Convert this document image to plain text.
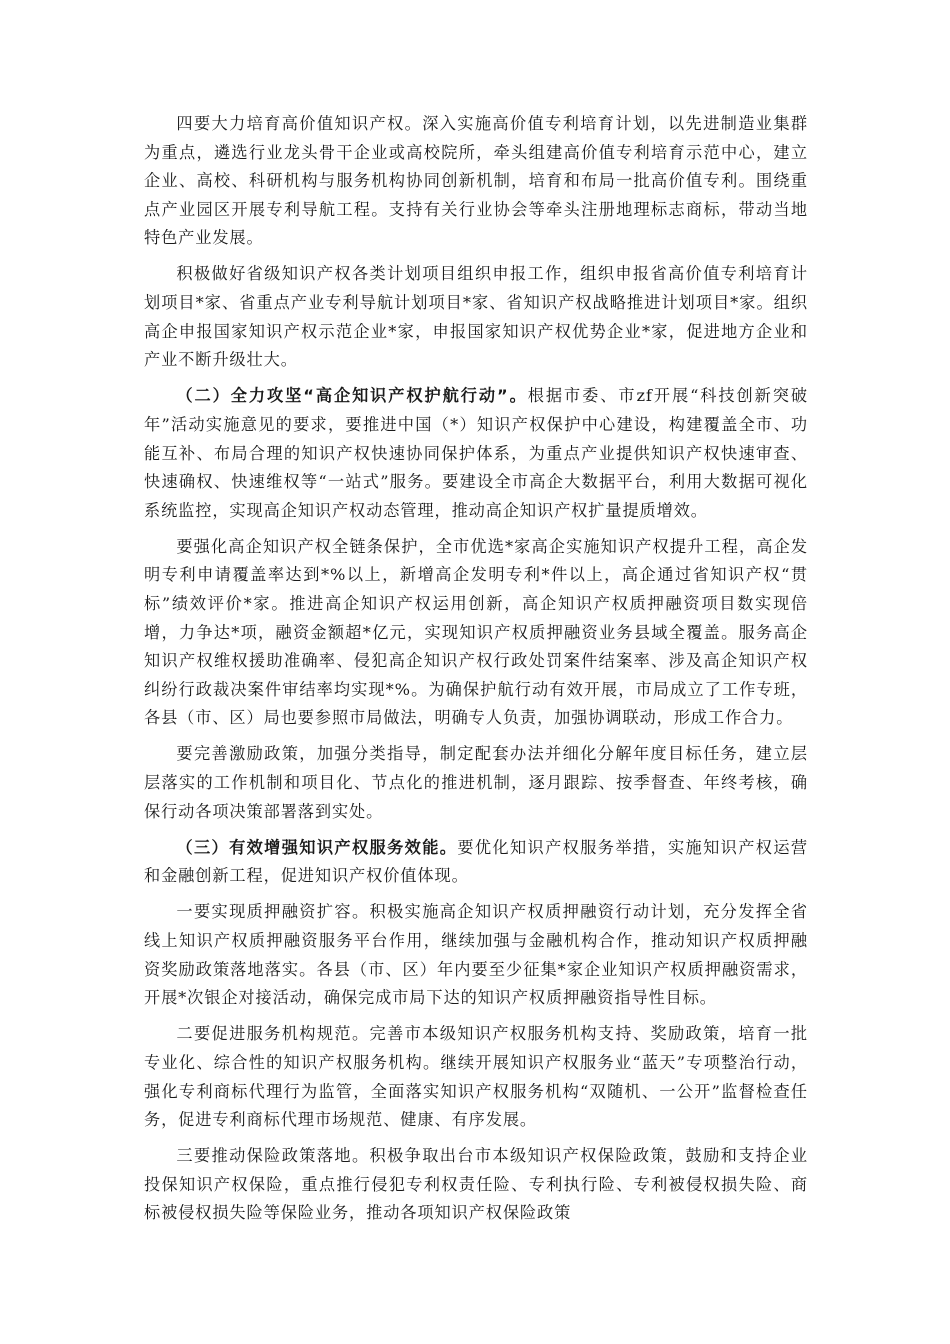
四要大力培育高价值知识产权。深入实施高价值专利培育计划，以先进制造业集群为重点，遴选行业龙头骨干企业或高校院所，牵头组建高价值专利培育示范中心，建立企业、高校、科研机构与服务机构协同创新机制，培育和布局一批高价值专利。围绕重点产业园区开展专利导航工程。支持有关行业协会等牵头注册地理标志商标，带动当地特色产业发展。

积极做好省级知识产权各类计划项目组织申报工作，组织申报省高价值专利培育计划项目*家、省重点产业专利导航计划项目*家、省知识产权战略推进计划项目*家。组织高企申报国家知识产权示范企业*家，申报国家知识产权优势企业*家，促进地方企业和产业不断升级壮大。

（二）全力攻坚“高企知识产权护航行动”。根据市委、市zf开展“科技创新突破年”活动实施意见的要求，要推进中国（*）知识产权保护中心建设，构建覆盖全市、功能互补、布局合理的知识产权快速协同保护体系，为重点产业提供知识产权快速审查、快速确权、快速维权等“一站式”服务。要建设全市高企大数据平台，利用大数据可视化系统监控，实现高企知识产权动态管理，推动高企知识产权扩量提质增效。

要强化高企知识产权全链条保护，全市优选*家高企实施知识产权提升工程，高企发明专利申请覆盖率达到*%以上，新增高企发明专利*件以上，高企通过省知识产权“贯标”绩效评价*家。推进高企知识产权运用创新，高企知识产权质押融资项目数实现倍增，力争达*项，融资金额超*亿元，实现知识产权质押融资业务县域全覆盖。服务高企知识产权维权援助准确率、侵犯高企知识产权行政处罚案件结案率、涉及高企知识产权纠纷行政裁决案件审结率均实现*%。为确保护航行动有效开展，市局成立了工作专班，各县（市、区）局也要参照市局做法，明确专人负责，加强协调联动，形成工作合力。

要完善激励政策，加强分类指导，制定配套办法并细化分解年度目标任务，建立层层落实的工作机制和项目化、节点化的推进机制，逐月跟踪、按季督查、年终考核，确保行动各项决策部署落到实处。

（三）有效增强知识产权服务效能。要优化知识产权服务举措，实施知识产权运营和金融创新工程，促进知识产权价值体现。

一要实现质押融资扩容。积极实施高企知识产权质押融资行动计划，充分发挥全省线上知识产权质押融资服务平台作用，继续加强与金融机构合作，推动知识产权质押融资奖励政策落地落实。各县（市、区）年内要至少征集*家企业知识产权质押融资需求，开展*次银企对接活动，确保完成市局下达的知识产权质押融资指导性目标。

二要促进服务机构规范。完善市本级知识产权服务机构支持、奖励政策，培育一批专业化、综合性的知识产权服务机构。继续开展知识产权服务业“蓝天”专项整治行动，强化专利商标代理行为监管，全面落实知识产权服务机构“双随机、一公开”监督检查任务，促进专利商标代理市场规范、健康、有序发展。

三要推动保险政策落地。积极争取出台市本级知识产权保险政策，鼓励和支持企业投保知识产权保险，重点推行侵犯专利权责任险、专利执行险、专利被侵权损失险、商标被侵权损失险等保险业务，推动各项知识产权保险政策
